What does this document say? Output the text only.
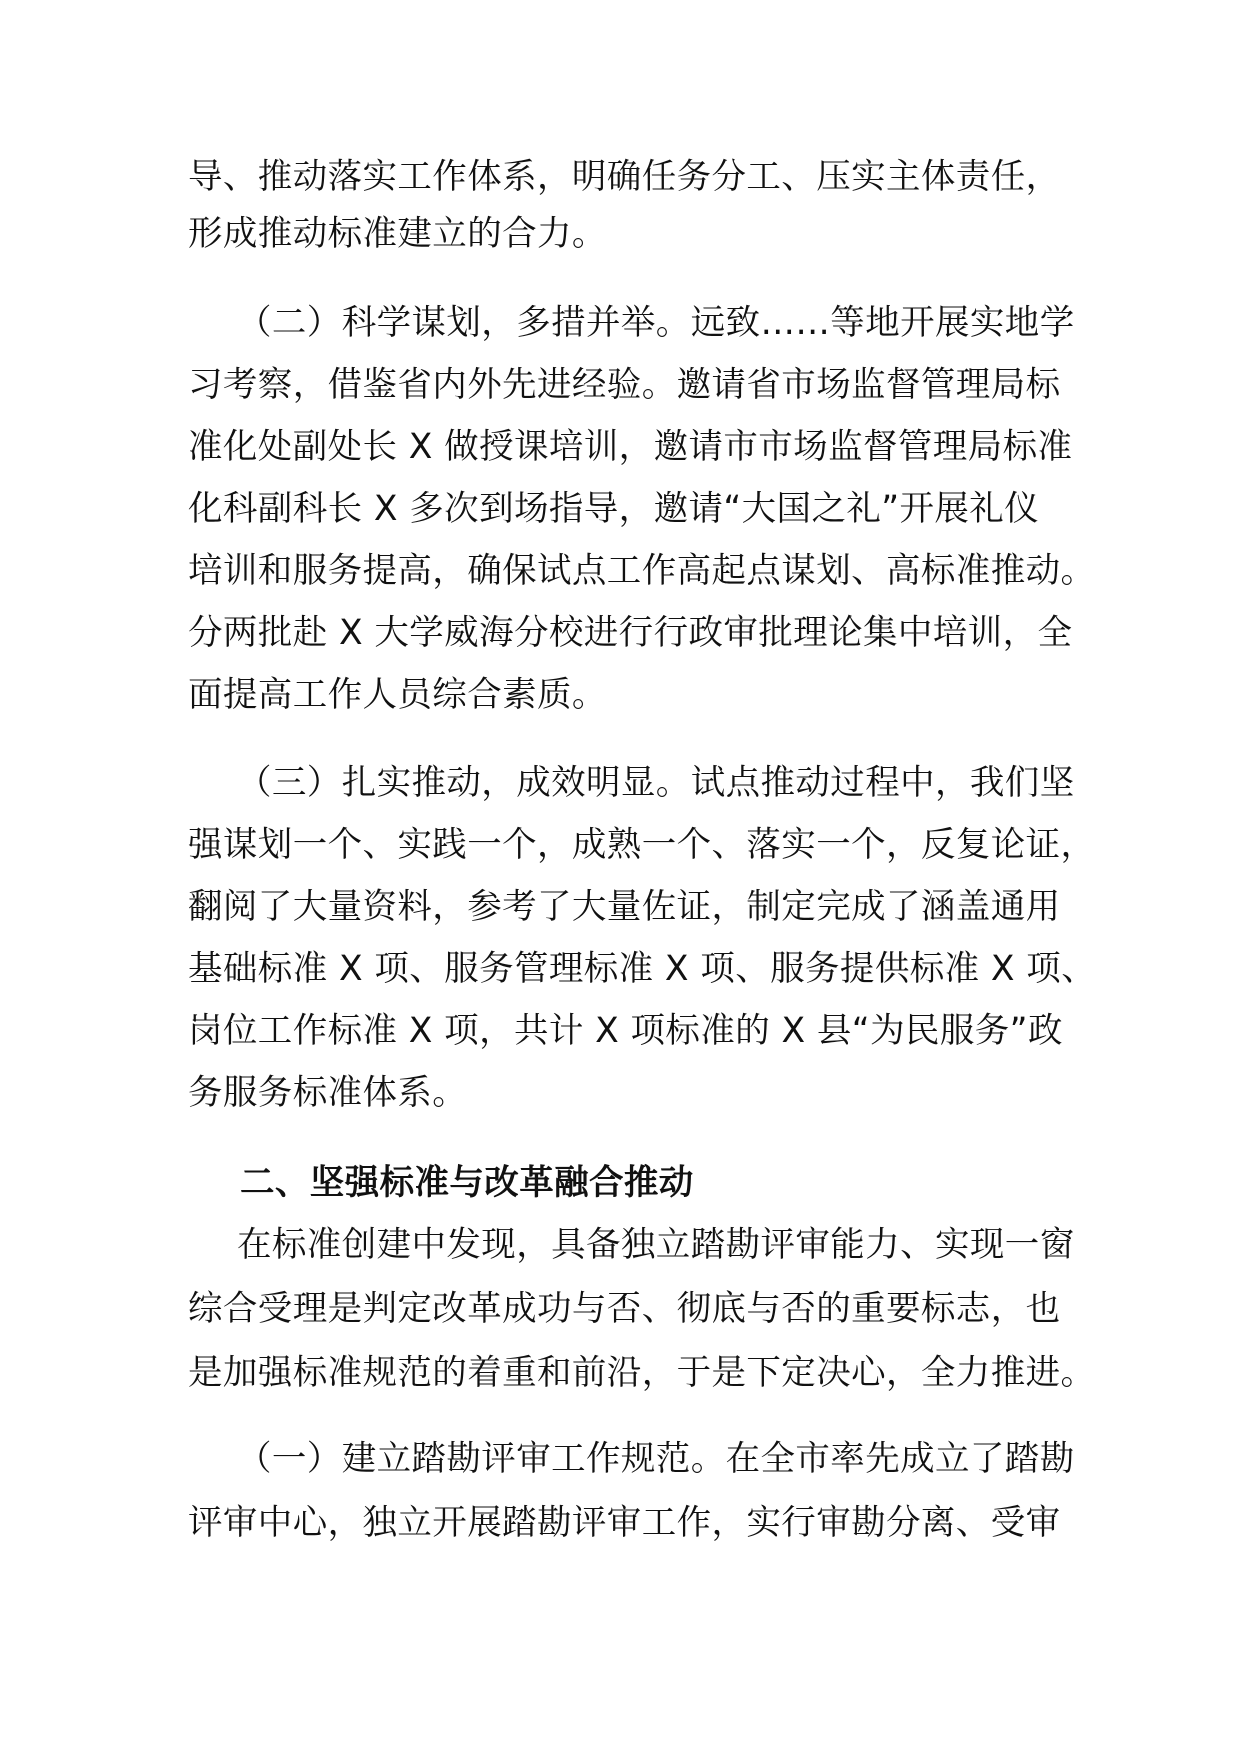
导、推动落实工作体系，明确任务分工、压实主体责任，
形成推动标准建立的合力。
（二）科学谋划，多措并举。远致……等地开展实地学
习考察，借鉴省内外先进经验。邀请省市场监督管理局标
准化处副处长 X 做授课培训，邀请市市场监督管理局标准
化科副科长 X 多次到场指导，邀请“大国之礼”开展礼仪
培训和服务提高，确保试点工作高起点谋划、高标准推动。
分两批赴 X 大学威海分校进行行政审批理论集中培训，全
面提高工作人员综合素质。
（三）扎实推动，成效明显。试点推动过程中，我们坚
强谋划一个、实践一个，成熟一个、落实一个，反复论证，
翻阅了大量资料，参考了大量佐证，制定完成了涵盖通用
基础标准 X 项、服务管理标准 X 项、服务提供标准 X 项、
岗位工作标准 X 项，共计 X 项标准的 X 县“为民服务”政
务服务标准体系。
二、坚强标准与改革融合推动
在标准创建中发现，具备独立踏勘评审能力、实现一窗
综合受理是判定改革成功与否、彻底与否的重要标志，也
是加强标准规范的着重和前沿，于是下定决心，全力推进。
（一）建立踏勘评审工作规范。在全市率先成立了踏勘
评审中心，独立开展踏勘评审工作，实行审勘分离、受审
